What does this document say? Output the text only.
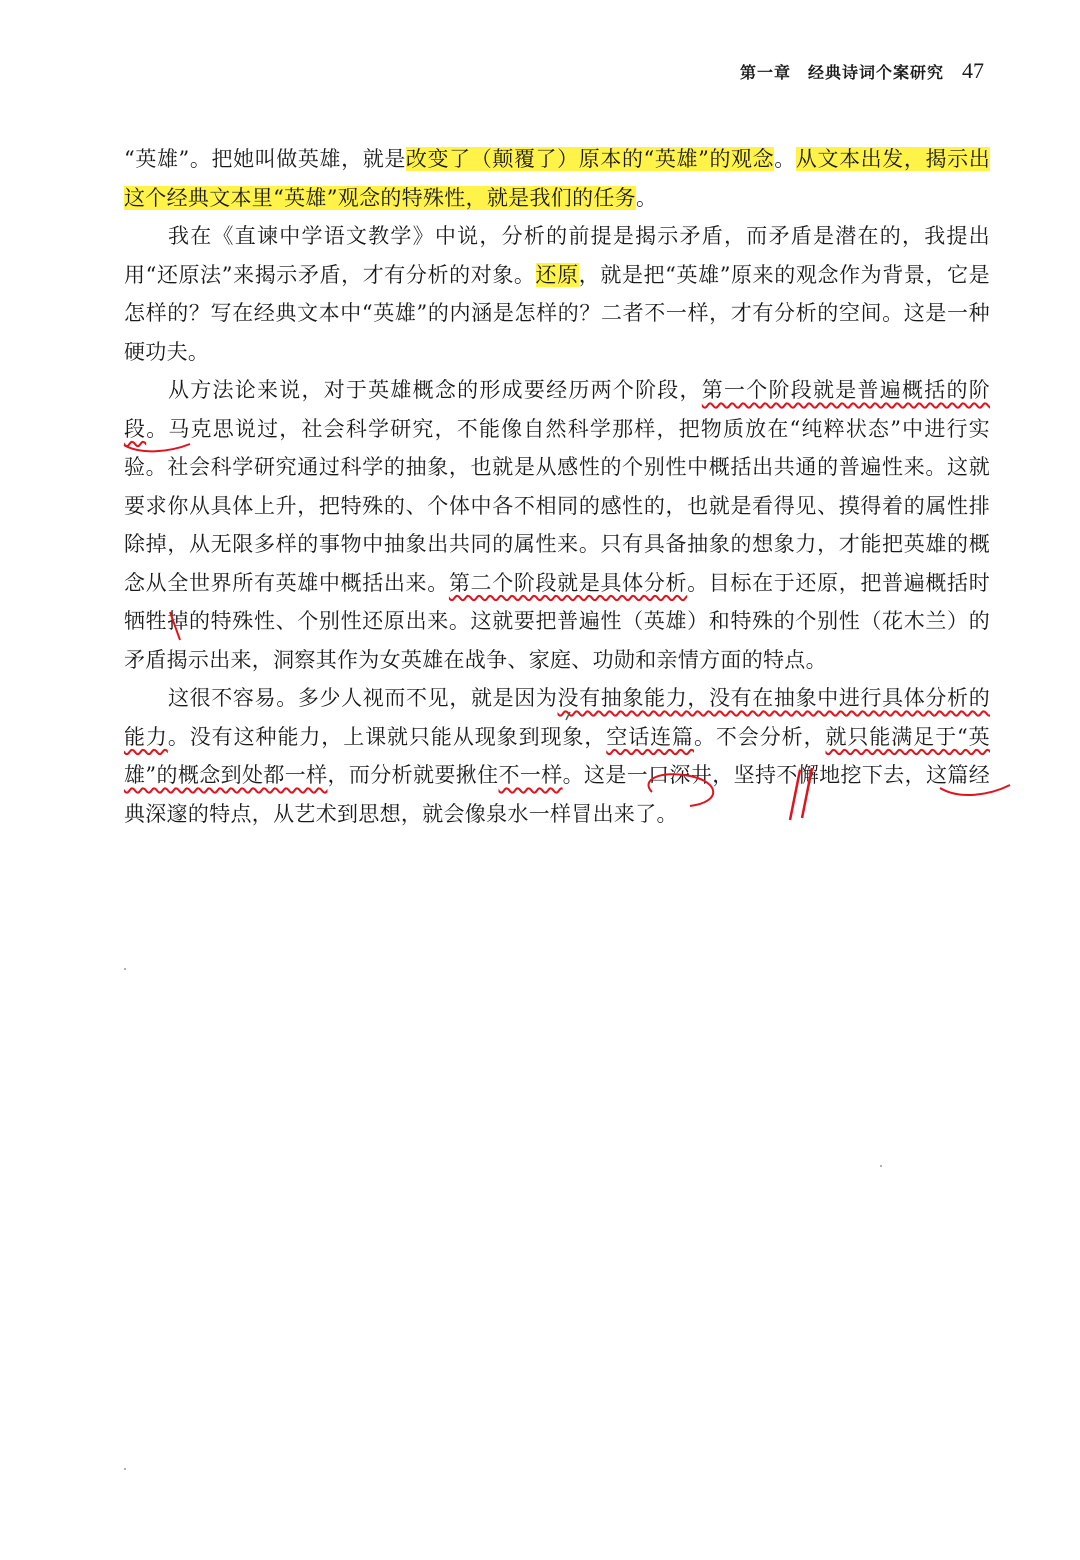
第一章　经典诗词个案研究 47

“英雄”。把她叫做英雄，就是改变了（颠覆了）原本的“英雄”的观念。从文本出发，揭示出这个经典文本里“英雄”观念的特殊性，就是我们的任务。

我在《直谏中学语文教学》中说，分析的前提是揭示矛盾，而矛盾是潜在的，我提出用“还原法”来揭示矛盾，才有分析的对象。还原，就是把“英雄”原来的观念作为背景，它是怎样的？写在经典文本中“英雄”的内涵是怎样的？二者不一样，才有分析的空间。这是一种硬功夫。

从方法论来说，对于英雄概念的形成要经历两个阶段，第一个阶段就是普遍概括的阶段。马克思说过，社会科学研究，不能像自然科学那样，把物质放在“纯粹状态”中进行实验。社会科学研究通过科学的抽象，也就是从感性的个别性中概括出共通的普遍性来。这就要求你从具体上升，把特殊的、个体中各不相同的感性的，也就是看得见、摸得着的属性排除掉，从无限多样的事物中抽象出共同的属性来。只有具备抽象的想象力，才能把英雄的概念从全世界所有英雄中概括出来。第二个阶段就是具体分析。目标在于还原，把普遍概括时牺牲掉的特殊性、个别性还原出来。这就要把普遍性（英雄）和特殊的个别性（花木兰）的矛盾揭示出来，洞察其作为女英雄在战争、家庭、功勋和亲情方面的特点。

这很不容易。多少人视而不见，就是因为没有抽象能力，没有在抽象中进行具体分析的能力。没有这种能力，上课就只能从现象到现象，空话连篇。不会分析，就只能满足于“英雄”的概念到处都一样，而分析就要揪住不一样。这是一口深井，坚持不懈地挖下去，这篇经典深邃的特点，从艺术到思想，就会像泉水一样冒出来了。
